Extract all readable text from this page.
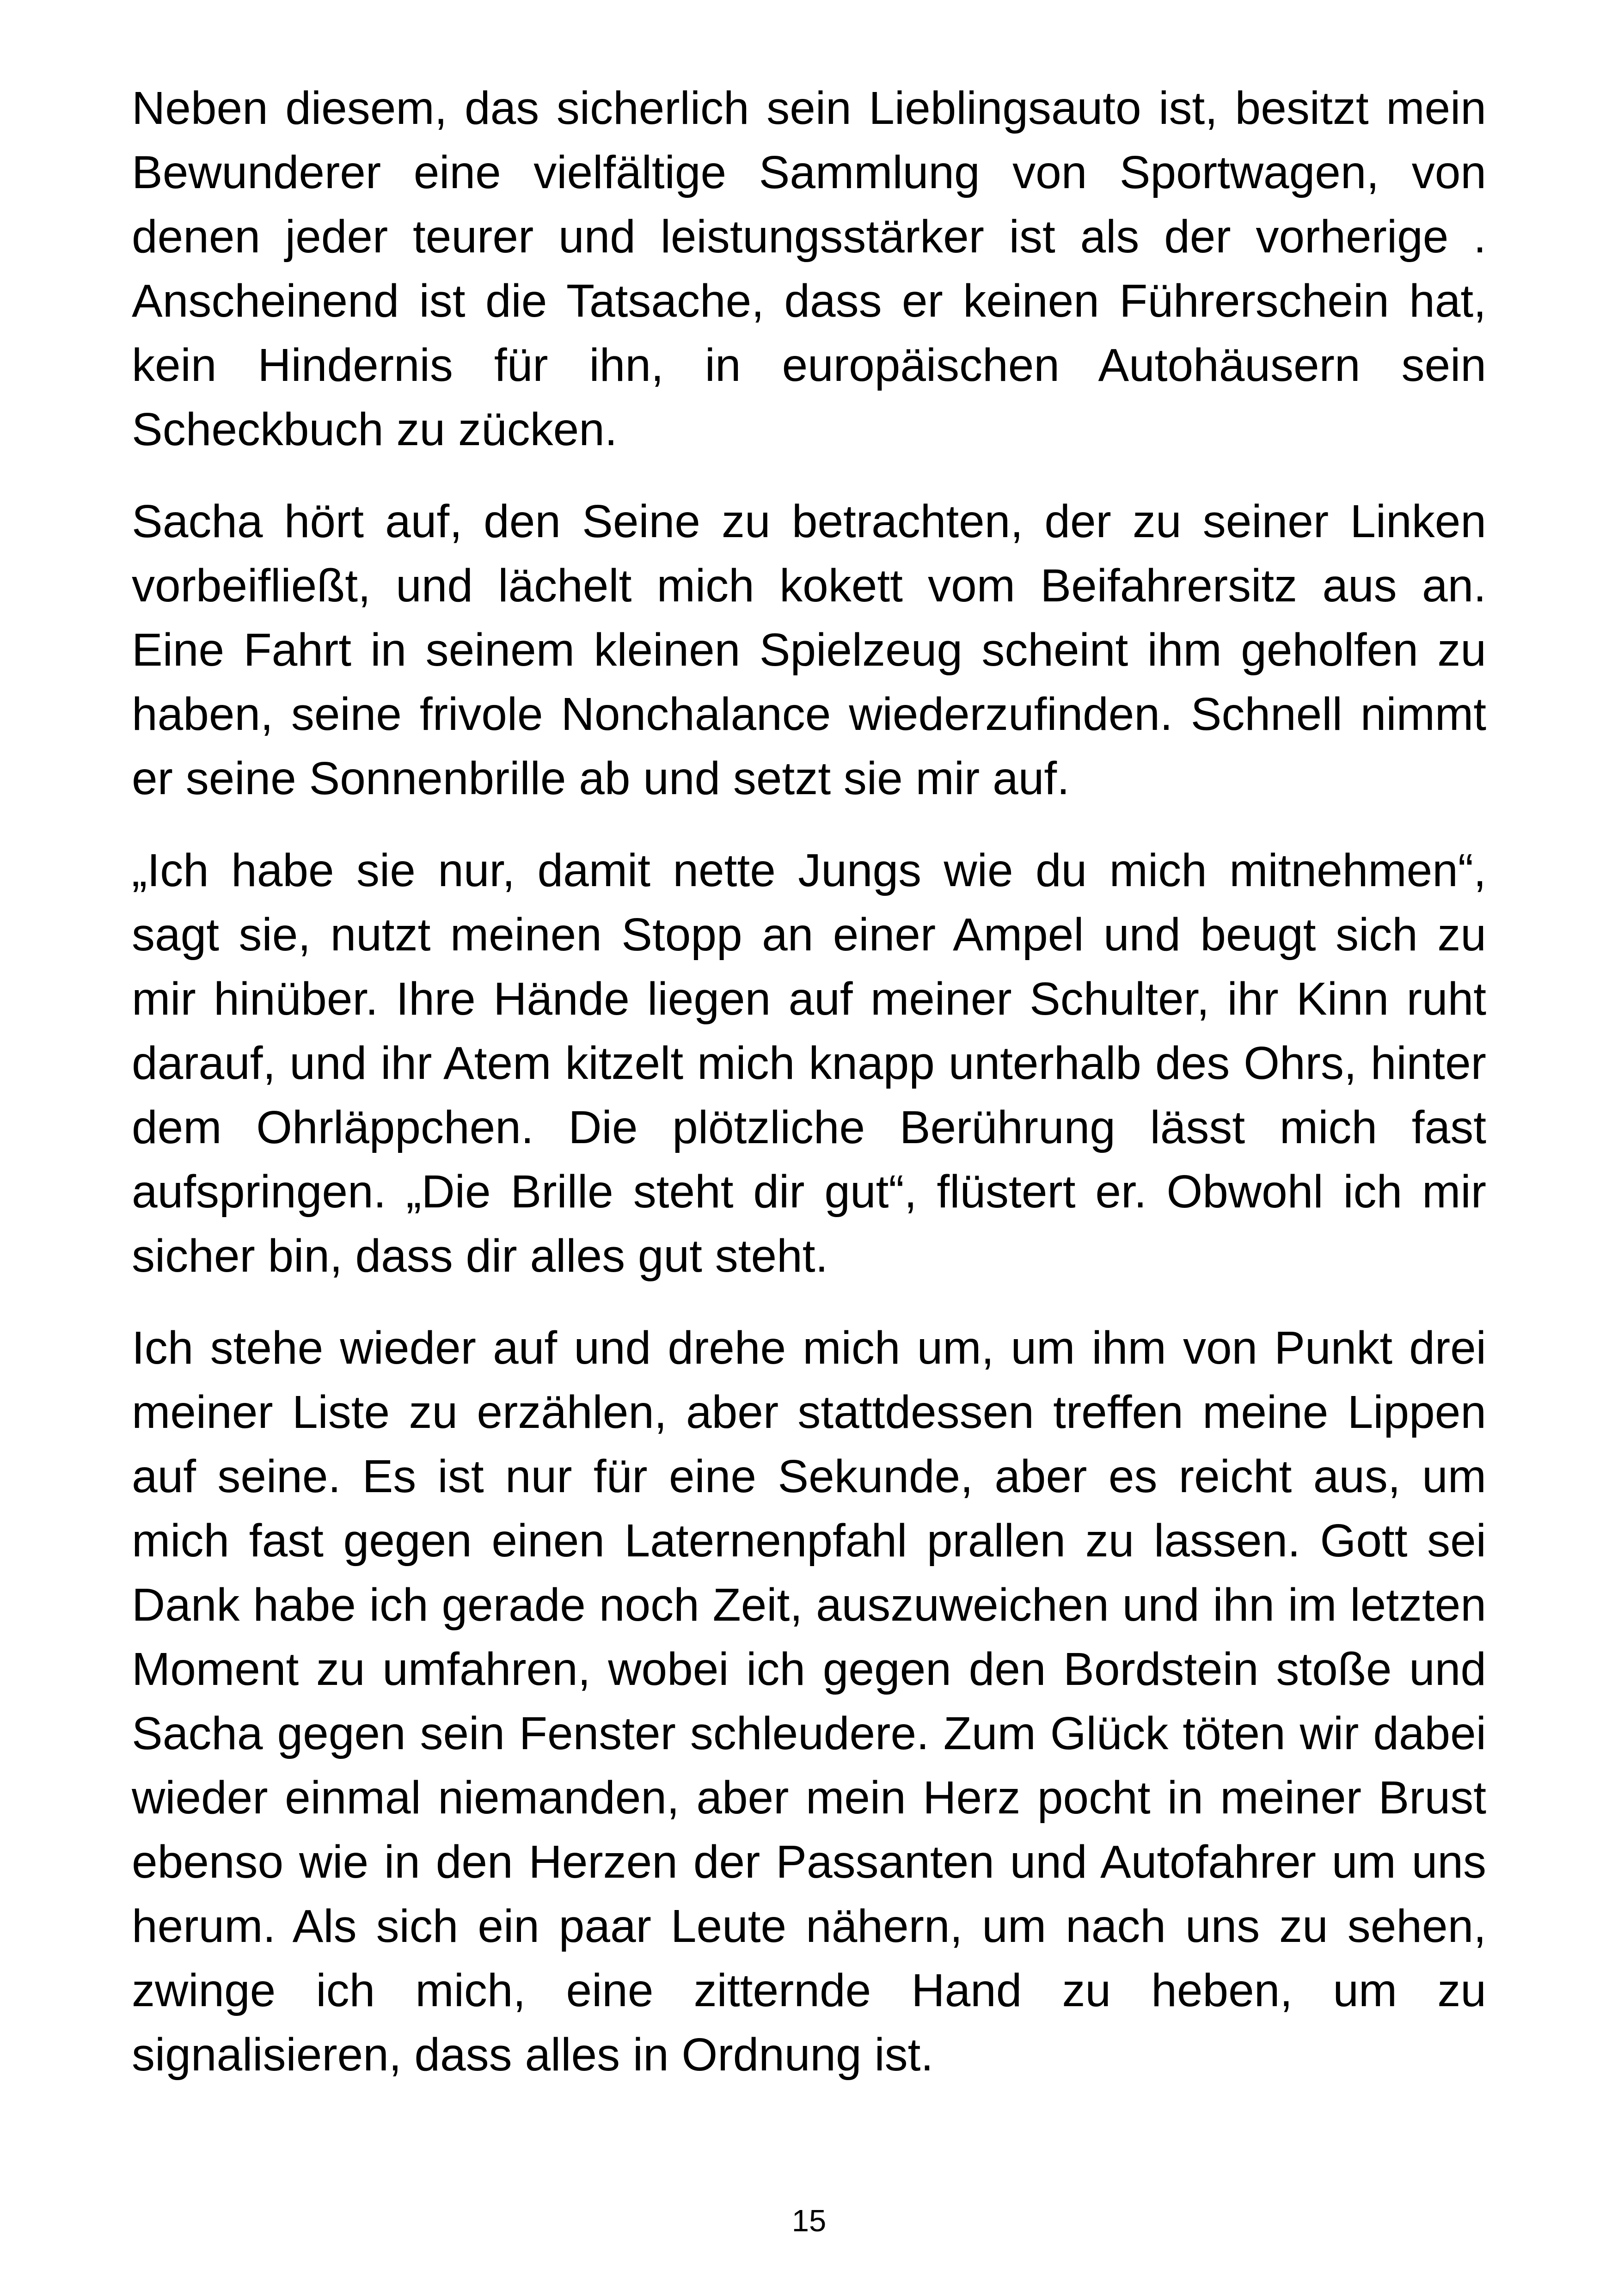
Neben diesem, das sicherlich sein Lieblingsauto ist, besitzt mein Bewunderer eine vielfältige Sammlung von Sportwagen, von denen jeder teurer und leistungsstärker ist als der vorherige . Anscheinend ist die Tatsache, dass er keinen Führerschein hat, kein Hindernis für ihn, in europäischen Autohäusern sein Scheckbuch zu zücken.

Sacha hört auf, den Seine zu betrachten, der zu seiner Linken vorbeifließt, und lächelt mich kokett vom Beifahrersitz aus an. Eine Fahrt in seinem kleinen Spielzeug scheint ihm geholfen zu haben, seine frivole Nonchalance wiederzufinden. Schnell nimmt er seine Sonnenbrille ab und setzt sie mir auf.

„Ich habe sie nur, damit nette Jungs wie du mich mitnehmen“, sagt sie, nutzt meinen Stopp an einer Ampel und beugt sich zu mir hinüber. Ihre Hände liegen auf meiner Schulter, ihr Kinn ruht darauf, und ihr Atem kitzelt mich knapp unterhalb des Ohrs, hinter dem Ohrläppchen. Die plötzliche Berührung lässt mich fast aufspringen. „Die Brille steht dir gut“, flüstert er. Obwohl ich mir sicher bin, dass dir alles gut steht.

Ich stehe wieder auf und drehe mich um, um ihm von Punkt drei meiner Liste zu erzählen, aber stattdessen treffen meine Lippen auf seine. Es ist nur für eine Sekunde, aber es reicht aus, um mich fast gegen einen Laternenpfahl prallen zu lassen. Gott sei Dank habe ich gerade noch Zeit, auszuweichen und ihn im letzten Moment zu umfahren, wobei ich gegen den Bordstein stoße und Sacha gegen sein Fenster schleudere. Zum Glück töten wir dabei wieder einmal niemanden, aber mein Herz pocht in meiner Brust ebenso wie in den Herzen der Passanten und Autofahrer um uns herum. Als sich ein paar Leute nähern, um nach uns zu sehen, zwinge ich mich, eine zitternde Hand zu heben, um zu signalisieren, dass alles in Ordnung ist.

15
